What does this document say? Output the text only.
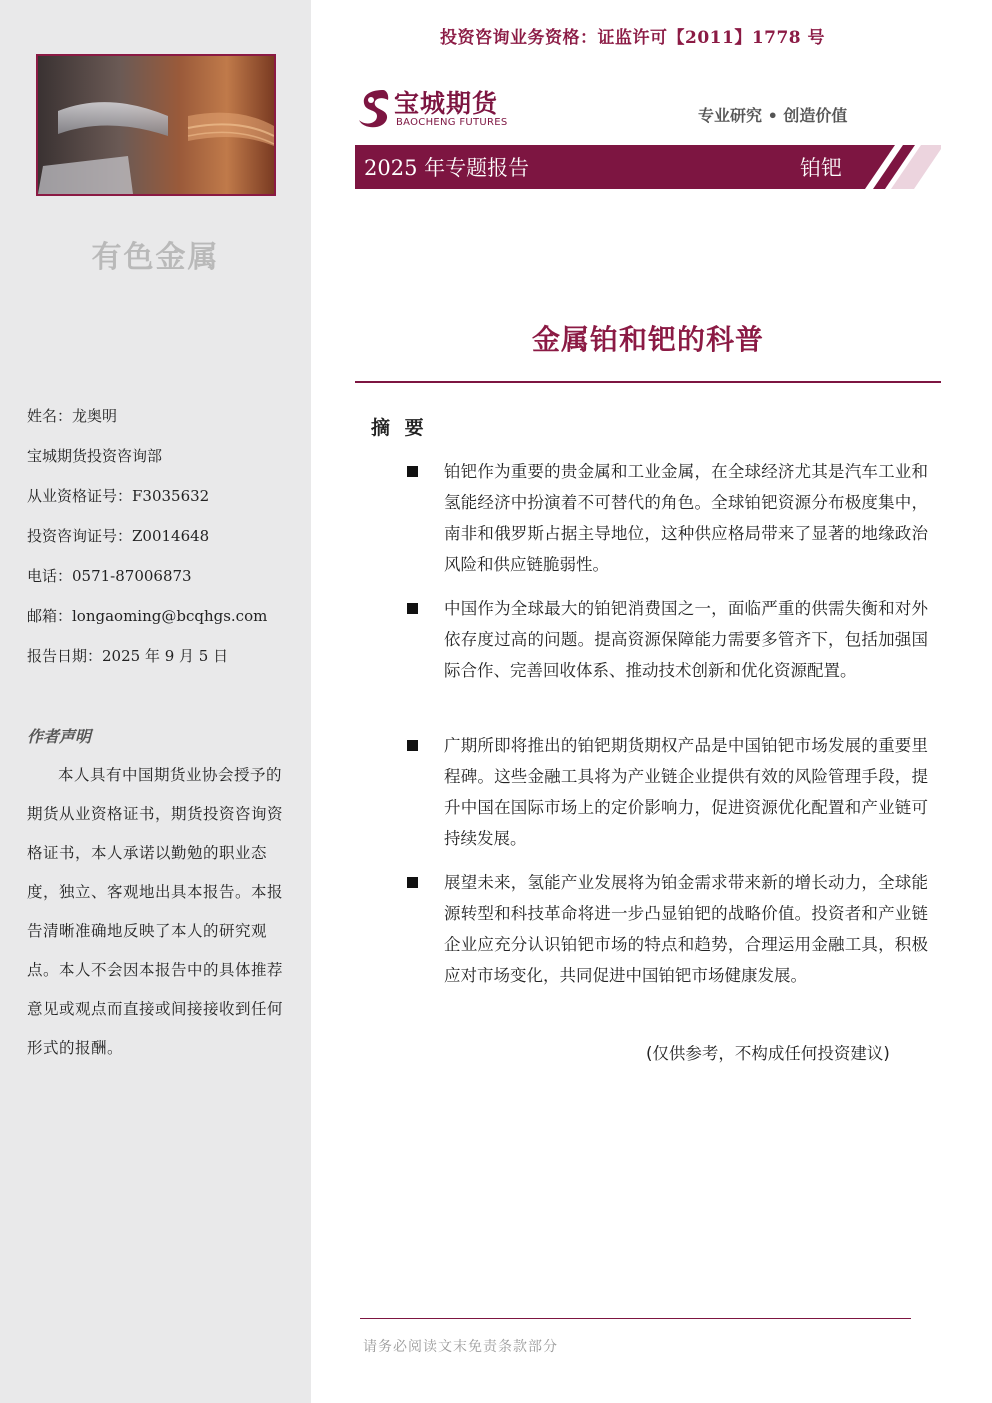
有色金属
姓名：龙奥明
宝城期货投资咨询部
从业资格证号：F3035632
投资咨询证号：Z0014648
电话：0571-87006873
邮箱：longaoming@bcqhgs.com
报告日期：2025 年 9 月 5 日
作者声明
本人具有中国期货业协会授予的期货从业资格证书，期货投资咨询资格证书，本人承诺以勤勉的职业态度，独立、客观地出具本报告。本报告清晰准确地反映了本人的研究观点。本人不会因本报告中的具体推荐意见或观点而直接或间接接收到任何形式的报酬。
投资咨询业务资格：证监许可【2011】1778 号
宝城期货
BAOCHENG FUTURES	专业研究 • 创造价值
2025 年专题报告	铂钯
金属铂和钯的科普
摘 要
铂钯作为重要的贵金属和工业金属，在全球经济尤其是汽车工业和氢能经济中扮演着不可替代的角色。全球铂钯资源分布极度集中，南非和俄罗斯占据主导地位，这种供应格局带来了显著的地缘政治风险和供应链脆弱性。
中国作为全球最大的铂钯消费国之一，面临严重的供需失衡和对外依存度过高的问题。提高资源保障能力需要多管齐下，包括加强国际合作、完善回收体系、推动技术创新和优化资源配置。
广期所即将推出的铂钯期货期权产品是中国铂钯市场发展的重要里程碑。这些金融工具将为产业链企业提供有效的风险管理手段，提升中国在国际市场上的定价影响力，促进资源优化配置和产业链可持续发展。
展望未来，氢能产业发展将为铂金需求带来新的增长动力，全球能源转型和科技革命将进一步凸显铂钯的战略价值。投资者和产业链企业应充分认识铂钯市场的特点和趋势，合理运用金融工具，积极应对市场变化，共同促进中国铂钯市场健康发展。
(仅供参考，不构成任何投资建议)
请务必阅读文末免责条款部分
